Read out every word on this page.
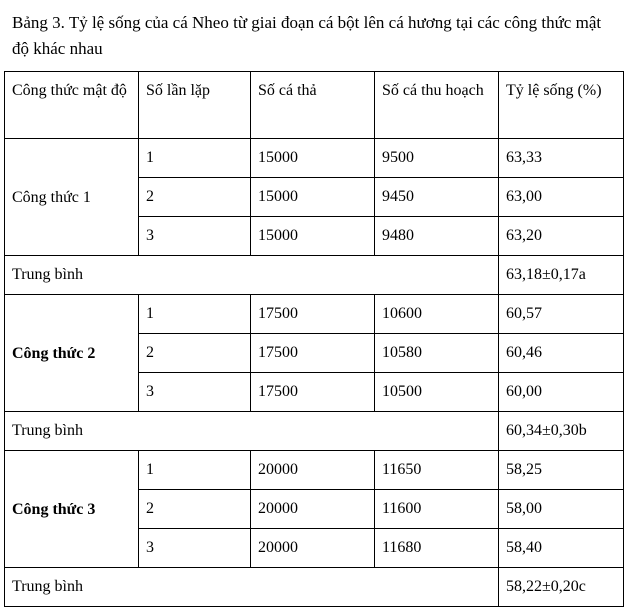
Bảng 3. Tỷ lệ sống của cá Nheo từ giai đoạn cá bột lên cá hương tại các công thức mật độ khác nhau
Công thức mật độ	Số lần lặp	Số cá thả	Số cá thu hoạch	Tỷ lệ sống (%)
Công thức 1	1	15000	9500	63,33
	2	15000	9450	63,00
	3	15000	9480	63,20
Trung bình				63,18±0,17a
Công thức 2	1	17500	10600	60,57
	2	17500	10580	60,46
	3	17500	10500	60,00
Trung bình				60,34±0,30b
Công thức 3	1	20000	11650	58,25
	2	20000	11600	58,00
	3	20000	11680	58,40
Trung bình				58,22±0,20c
